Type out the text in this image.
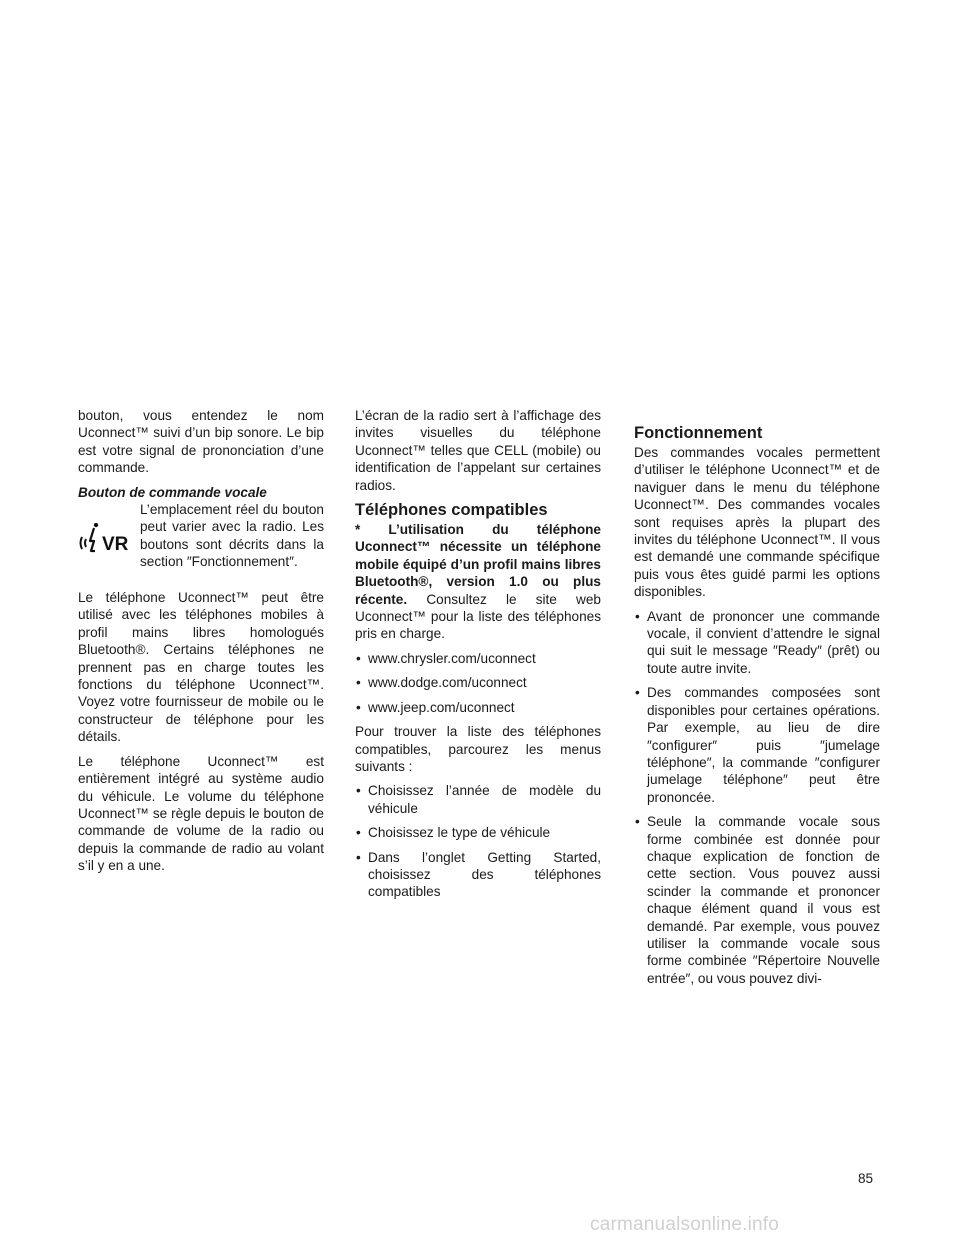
bouton, vous entendez le nom Uconnect™ suivi d’un bip sonore. Le bip est votre signal de prononciation d’une commande.

Bouton de commande vocale
VR
L’emplacement réel du bouton peut varier avec la radio. Les boutons sont décrits dans la section ″Fonctionnement″.

Le téléphone Uconnect™ peut être utilisé avec les téléphones mobiles à profil mains libres homologués Bluetooth®. Certains téléphones ne prennent pas en charge toutes les fonctions du téléphone Uconnect™. Voyez votre fournisseur de mobile ou le constructeur de téléphone pour les détails.

Le téléphone Uconnect™ est entièrement intégré au système audio du véhicule. Le volume du téléphone Uconnect™ se règle depuis le bouton de commande de volume de la radio ou depuis la commande de radio au volant s’il y en a une.

L’écran de la radio sert à l’affichage des invites visuelles du téléphone Uconnect™ telles que CELL (mobile) ou identification de l’appelant sur certaines radios.

Téléphones compatibles

* L’utilisation du téléphone Uconnect™ nécessite un téléphone mobile équipé d’un profil mains libres Bluetooth®, version 1.0 ou plus récente. Consultez le site web Uconnect™ pour la liste des téléphones pris en charge.

• www.chrysler.com/uconnect
• www.dodge.com/uconnect
• www.jeep.com/uconnect

Pour trouver la liste des téléphones compatibles, parcourez les menus suivants :

• Choisissez l’année de modèle du véhicule
• Choisissez le type de véhicule
• Dans l’onglet Getting Started, choisissez des téléphones compatibles
Fonctionnement

Des commandes vocales permettent d’utiliser le téléphone Uconnect™ et de naviguer dans le menu du téléphone Uconnect™. Des commandes vocales sont requises après la plupart des invites du téléphone Uconnect™. Il vous est demandé une commande spécifique puis vous êtes guidé parmi les options disponibles.

• Avant de prononcer une commande vocale, il convient d’attendre le signal qui suit le message ″Ready″ (prêt) ou toute autre invite.
• Des commandes composées sont disponibles pour certaines opérations. Par exemple, au lieu de dire ″configurer″ puis ″jumelage téléphone″, la commande ″configurer jumelage téléphone″ peut être prononcée.
• Seule la commande vocale sous forme combinée est donnée pour chaque explication de fonction de cette section. Vous pouvez aussi scinder la commande et prononcer chaque élément quand il vous est demandé. Par exemple, vous pouvez utiliser la commande vocale sous forme combinée ″Répertoire Nouvelle entrée″, ou vous pouvez divi-
85
carmanualsonline.info
